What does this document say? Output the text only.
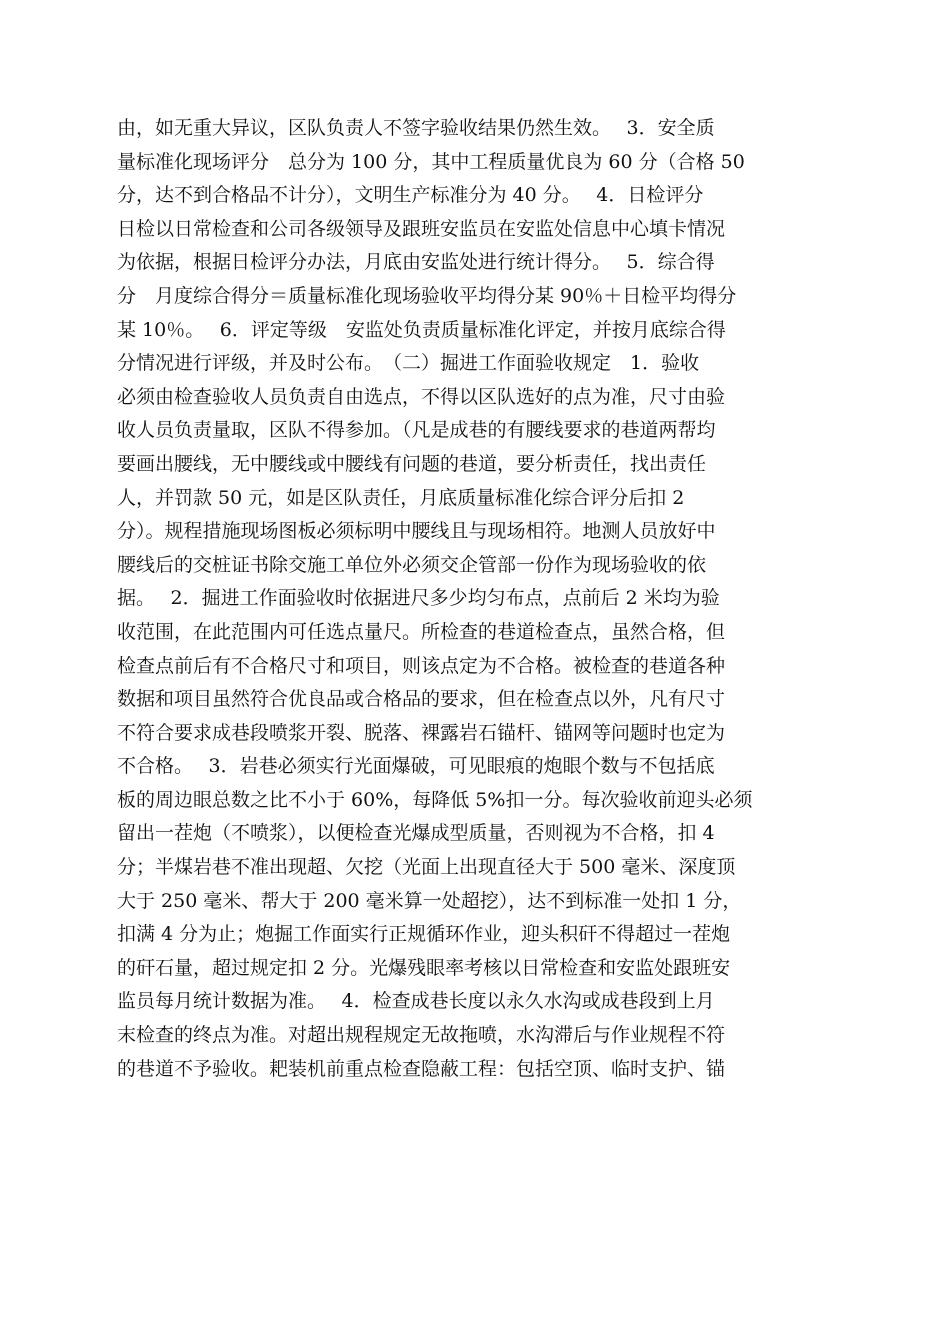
由，如无重大异议，区队负责人不签字验收结果仍然生效。　 3．安全质
量标准化现场评分　总分为 100 分，其中工程质量优良为 60 分（合格 50
分，达不到合格品不计分），文明生产标准分为 40 分。　 4．日检评分
日检以日常检查和公司各级领导及跟班安监员在安监处信息中心填卡情况
为依据，根据日检评分办法，月底由安监处进行统计得分。　 5．综合得
分　月度综合得分＝质量标准化现场验收平均得分某 90％＋日检平均得分
某 10％。　 6．评定等级　安监处负责质量标准化评定，并按月底综合得
分情况进行评级，并及时公布。　（二）掘进工作面验收规定　1．验收
必须由检查验收人员负责自由选点，不得以区队选好的点为准，尺寸由验
收人员负责量取，区队不得参加。（凡是成巷的有腰线要求的巷道两帮均
要画出腰线，无中腰线或中腰线有问题的巷道，要分析责任，找出责任
人，并罚款 50 元，如是区队责任，月底质量标准化综合评分后扣 2
分）。规程措施现场图板必须标明中腰线且与现场相符。地测人员放好中
腰线后的交桩证书除交施工单位外必须交企管部一份作为现场验收的依
据。　 2．掘进工作面验收时依据进尺多少均匀布点，点前后 2 米均为验
收范围，在此范围内可任选点量尺。所检查的巷道检查点，虽然合格，但
检查点前后有不合格尺寸和项目，则该点定为不合格。被检查的巷道各种
数据和项目虽然符合优良品或合格品的要求，但在检查点以外，凡有尺寸
不符合要求成巷段喷浆开裂、脱落、裸露岩石锚杆、锚网等问题时也定为
不合格。　 3．岩巷必须实行光面爆破，可见眼痕的炮眼个数与不包括底
板的周边眼总数之比不小于 60%，每降低 5%扣一分。每次验收前迎头必须
留出一茬炮（不喷浆），以便检查光爆成型质量，否则视为不合格，扣 4
分；半煤岩巷不准出现超、欠挖（光面上出现直径大于 500 毫米、深度顶
大于 250 毫米、帮大于 200 毫米算一处超挖），达不到标准一处扣 1 分，
扣满 4 分为止；炮掘工作面实行正规循环作业，迎头积矸不得超过一茬炮
的矸石量，超过规定扣 2 分。光爆残眼率考核以日常检查和安监处跟班安
监员每月统计数据为准。　 4．检查成巷长度以永久水沟或成巷段到上月
末检查的终点为准。对超出规程规定无故拖喷，水沟滞后与作业规程不符
的巷道不予验收。耙装机前重点检查隐蔽工程：包括空顶、临时支护、锚
